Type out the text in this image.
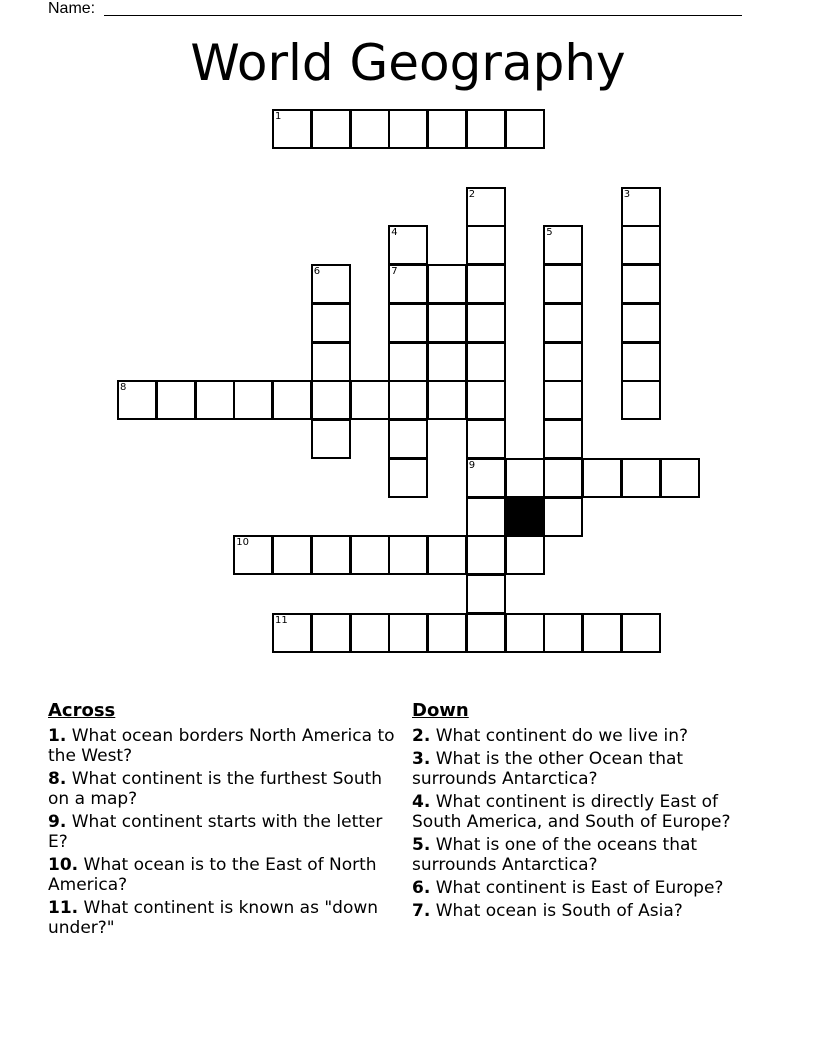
Name:
World Geography
1
2	3
4	5
6	7
8
9
10
11
Across
1. What ocean borders North America to the West?
8. What continent is the furthest South on a map?
9. What continent starts with the letter E?
10. What ocean is to the East of North America?
11. What continent is known as "down under?"
Down
2. What continent do we live in?
3. What is the other Ocean that surrounds Antarctica?
4. What continent is directly East of South America, and South of Europe?
5. What is one of the oceans that surrounds Antarctica?
6. What continent is East of Europe?
7. What ocean is South of Asia?
